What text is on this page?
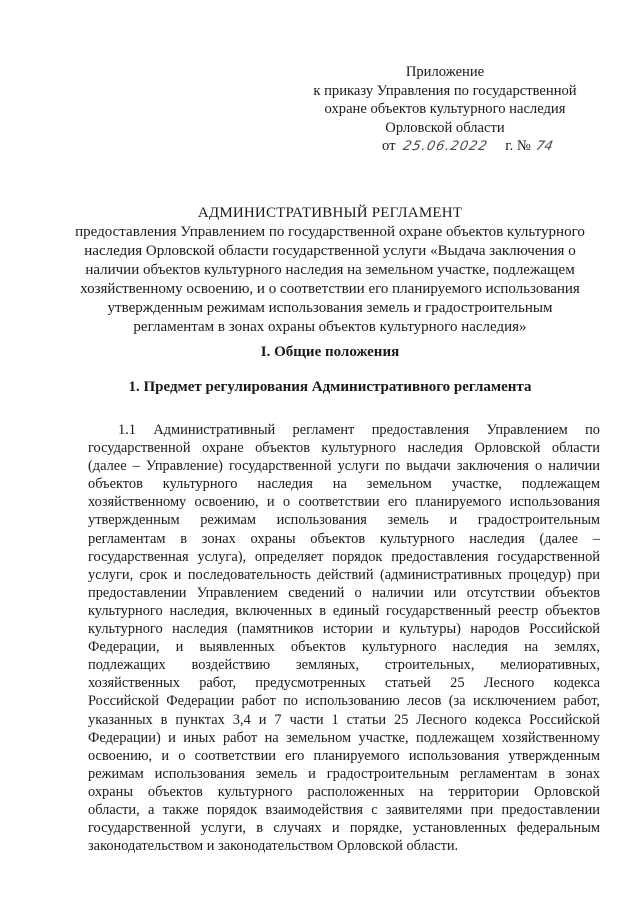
Приложение
к приказу Управления по государственной
охране объектов культурного наследия
Орловской области
от 25.06.2022 г. № 74
АДМИНИСТРАТИВНЫЙ РЕГЛАМЕНТ
предоставления Управлением по государственной охране объектов культурного
наследия Орловской области государственной услуги «Выдача заключения о
наличии объектов культурного наследия на земельном участке, подлежащем
хозяйственному освоению, и о соответствии его планируемого использования
утвержденным режимам использования земель и градостроительным
регламентам в зонах охраны объектов культурного наследия»
I. Общие положения
1. Предмет регулирования Административного регламента
1.1 Административный регламент предоставления Управлением по
государственной охране объектов культурного наследия Орловской области
(далее – Управление) государственной услуги по выдачи заключения о наличии
объектов культурного наследия на земельном участке, подлежащем
хозяйственному освоению, и о соответствии его планируемого использования
утвержденным режимам использования земель и градостроительным
регламентам в зонах охраны объектов культурного наследия (далее –
государственная услуга), определяет порядок предоставления государственной
услуги, срок и последовательность действий (административных процедур) при
предоставлении Управлением сведений о наличии или отсутствии объектов
культурного наследия, включенных в единый государственный реестр объектов
культурного наследия (памятников истории и культуры) народов Российской
Федерации, и выявленных объектов культурного наследия на землях,
подлежащих воздействию земляных, строительных, мелиоративных,
хозяйственных работ, предусмотренных статьей 25 Лесного кодекса
Российской Федерации работ по использованию лесов (за исключением работ,
указанных в пунктах 3,4 и 7 части 1 статьи 25 Лесного кодекса Российской
Федерации) и иных работ на земельном участке, подлежащем хозяйственному
освоению, и о соответствии его планируемого использования утвержденным
режимам использования земель и градостроительным регламентам в зонах
охраны объектов культурного расположенных на территории Орловской
области, а также порядок взаимодействия с заявителями при предоставлении
государственной услуги, в случаях и порядке, установленных федеральным
законодательством и законодательством Орловской области.
